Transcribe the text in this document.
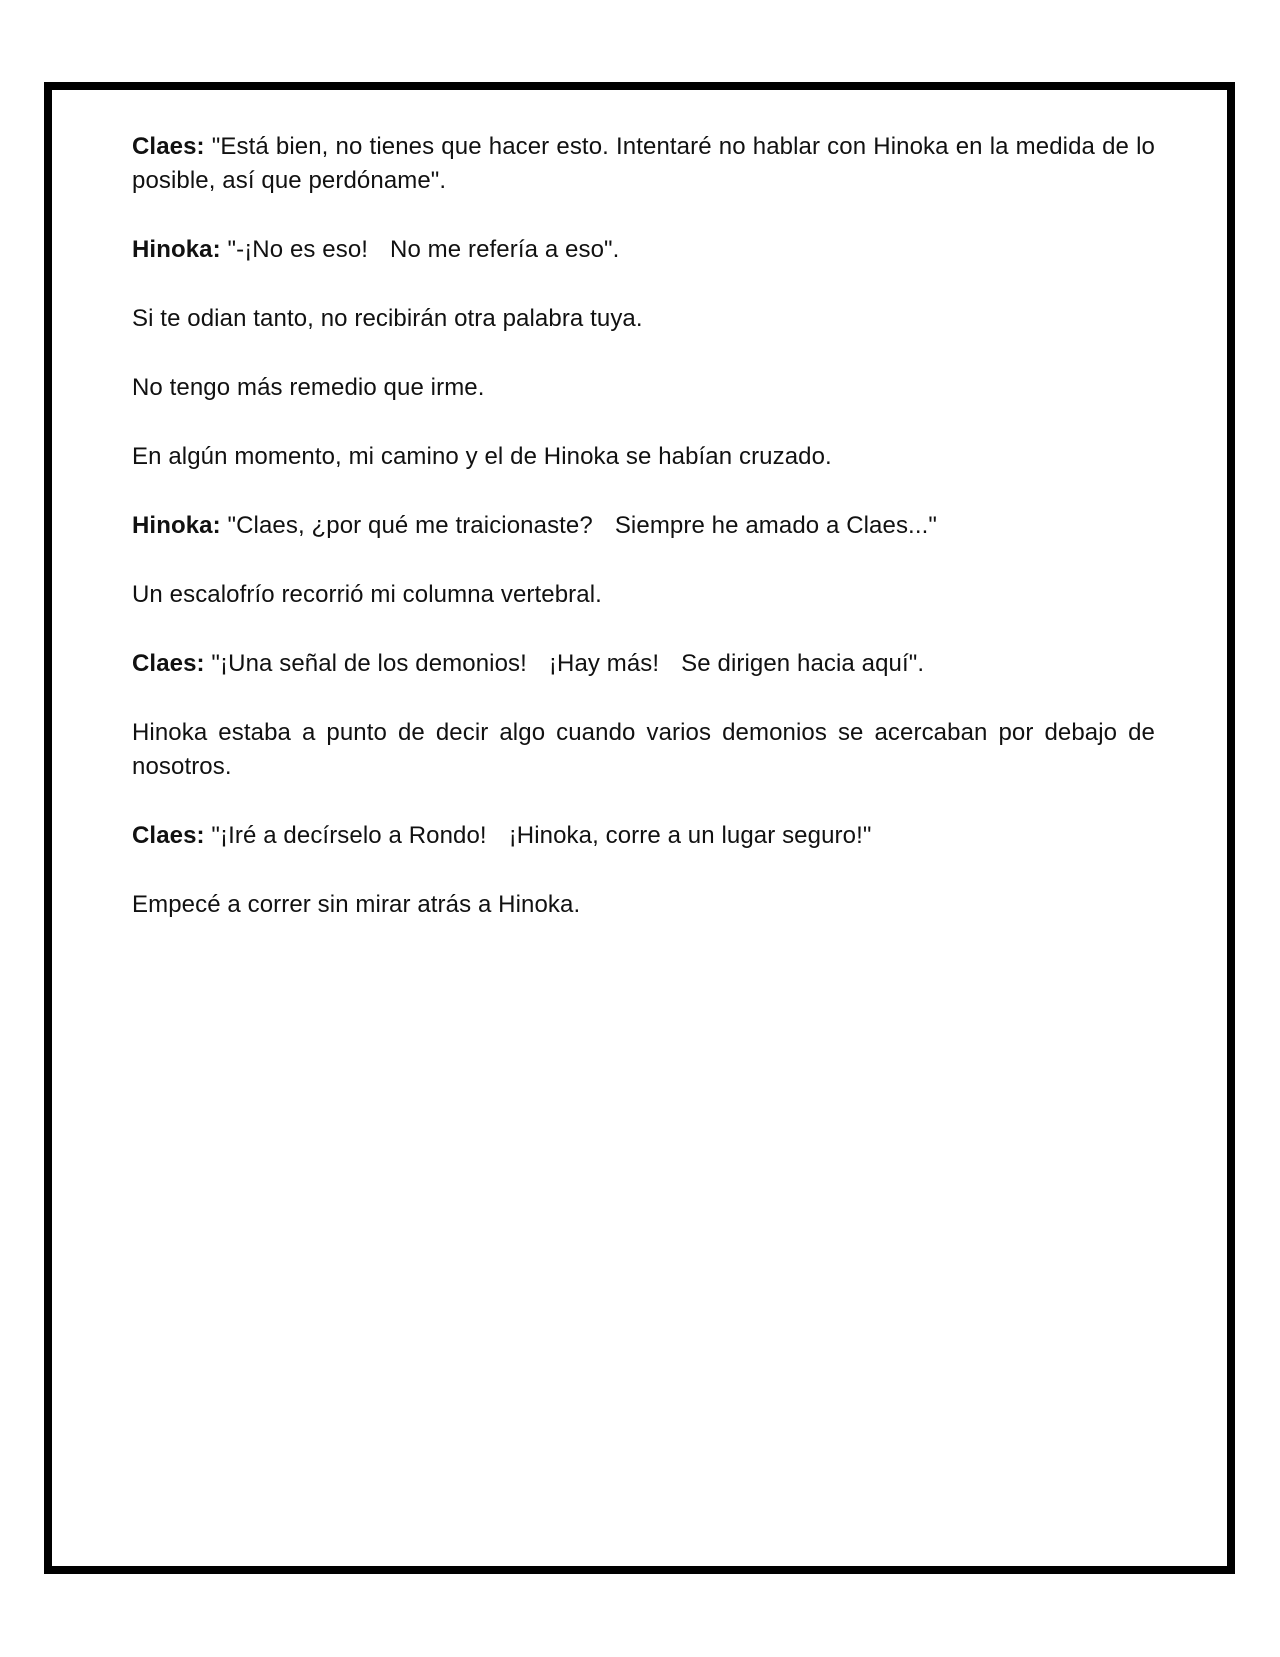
Claes: "Está bien, no tienes que hacer esto. Intentaré no hablar con Hinoka en la medida de lo posible, así que perdóname".

Hinoka: "-¡No es eso! No me refería a eso".

Si te odian tanto, no recibirán otra palabra tuya.

No tengo más remedio que irme.

En algún momento, mi camino y el de Hinoka se habían cruzado.

Hinoka: "Claes, ¿por qué me traicionaste? Siempre he amado a Claes..."

Un escalofrío recorrió mi columna vertebral.

Claes: "¡Una señal de los demonios! ¡Hay más! Se dirigen hacia aquí".

Hinoka estaba a punto de decir algo cuando varios demonios se acercaban por debajo de nosotros.

Claes: "¡Iré a decírselo a Rondo! ¡Hinoka, corre a un lugar seguro!"

Empecé a correr sin mirar atrás a Hinoka.
